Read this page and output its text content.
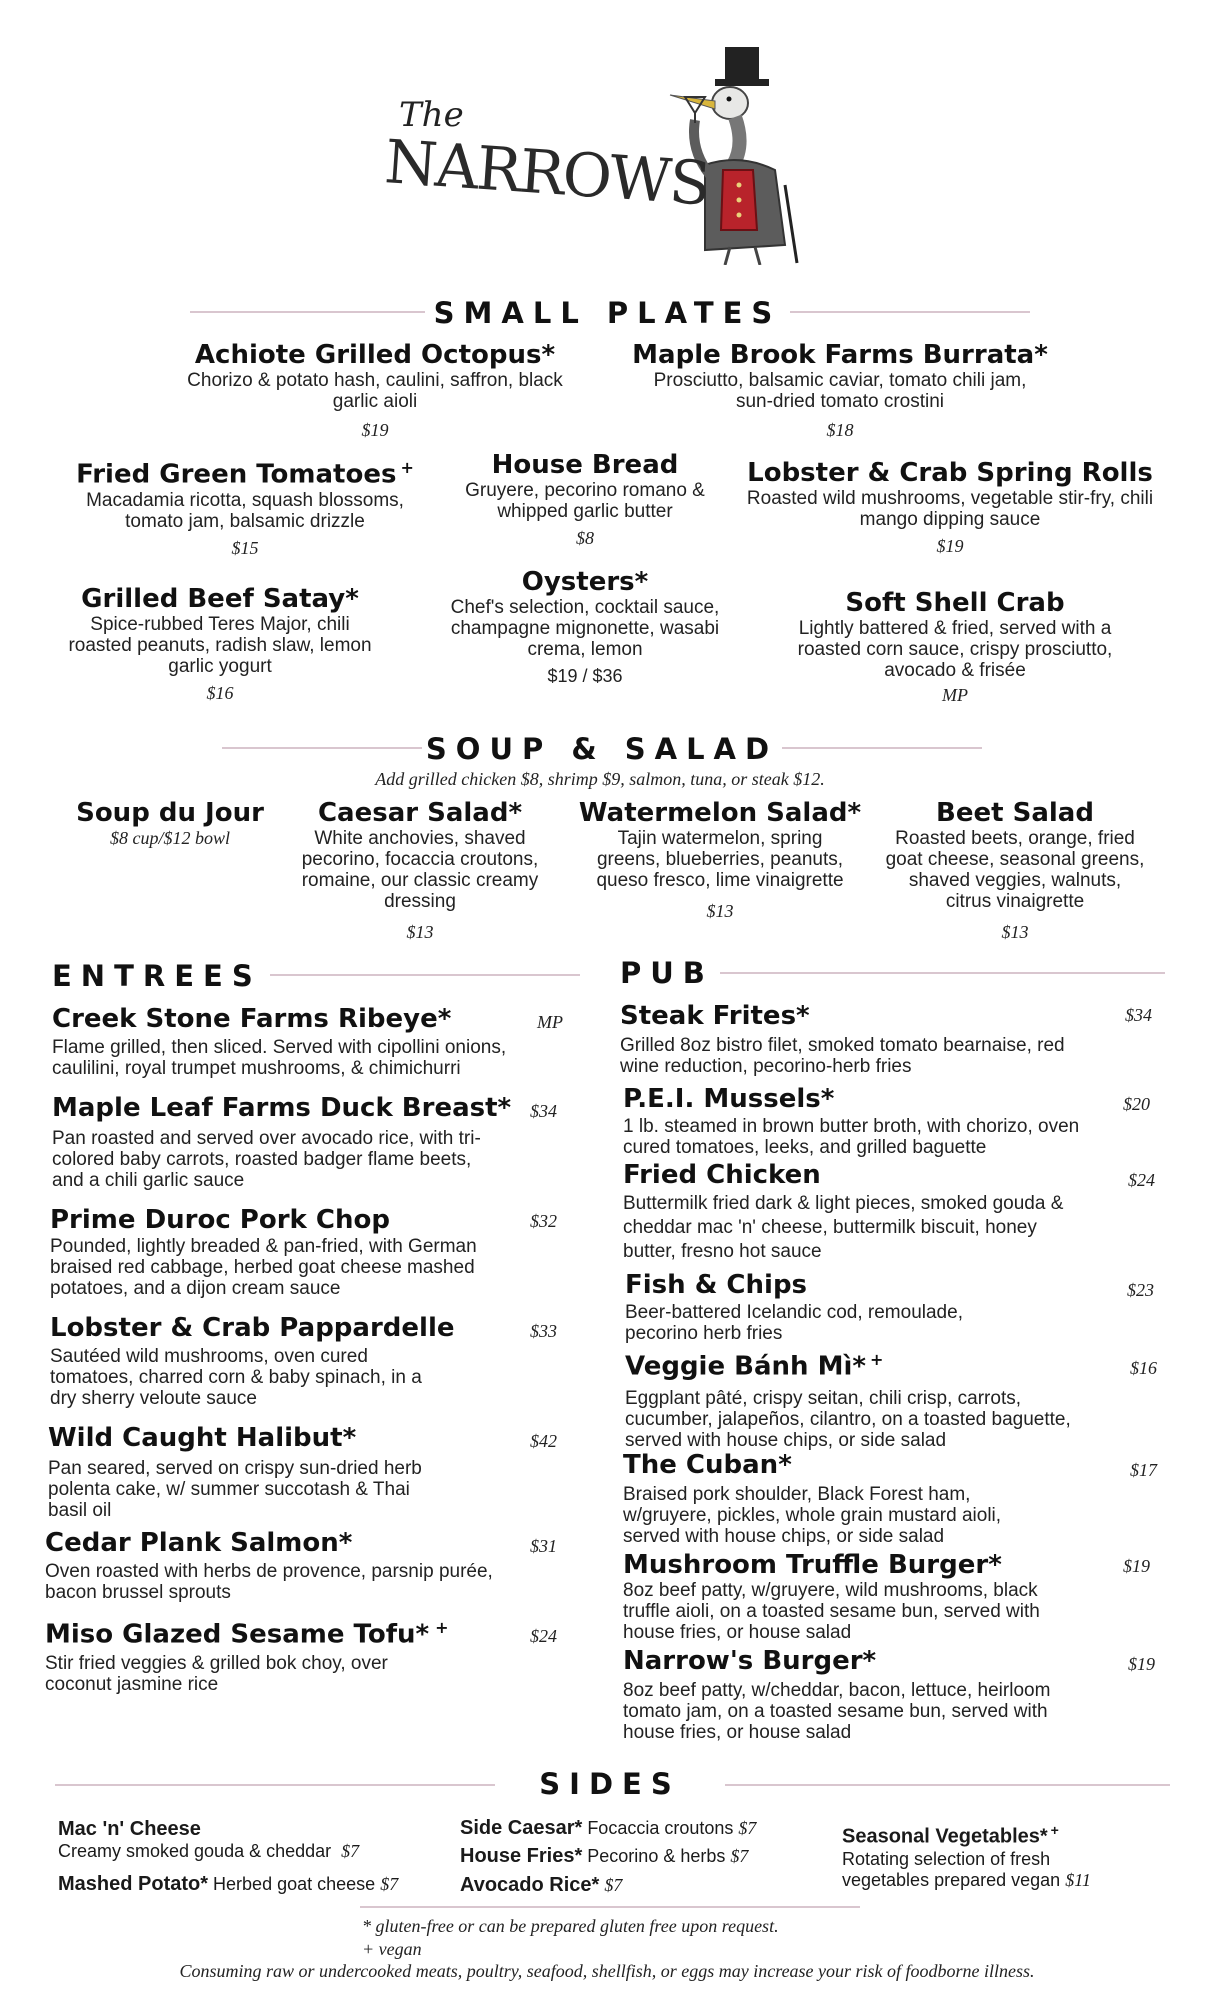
The
NARROWS
SMALL PLATES
Achiote Grilled Octopus*
Chorizo & potato hash, caulini, saffron, black garlic aioli
$19
Maple Brook Farms Burrata*
Prosciutto, balsamic caviar, tomato chili jam, sun-dried tomato crostini
$18
Fried Green Tomatoes +
Macadamia ricotta, squash blossoms, tomato jam, balsamic drizzle
$15
House Bread
Gruyere, pecorino romano & whipped garlic butter
$8
Lobster & Crab Spring Rolls
Roasted wild mushrooms, vegetable stir-fry, chili mango dipping sauce
$19
Grilled Beef Satay*
Spice-rubbed Teres Major, chili roasted peanuts, radish slaw, lemon garlic yogurt
$16
Oysters*
Chef's selection, cocktail sauce, champagne mignonette, wasabi crema, lemon
$19 / $36
Soft Shell Crab
Lightly battered & fried, served with a roasted corn sauce, crispy prosciutto, avocado & frisée
MP
SOUP & SALAD
Add grilled chicken $8, shrimp $9, salmon, tuna, or steak $12.
Soup du Jour
$8 cup/$12 bowl
Caesar Salad*
White anchovies, shaved pecorino, focaccia croutons, romaine, our classic creamy dressing
$13
Watermelon Salad*
Tajin watermelon, spring greens, blueberries, peanuts, queso fresco, lime vinaigrette
$13
Beet Salad
Roasted beets, orange, fried goat cheese, seasonal greens, shaved veggies, walnuts, citrus vinaigrette
$13
ENTREES
Creek Stone Farms Ribeye*	MP
Flame grilled, then sliced. Served with cipollini onions, caulilini, royal trumpet mushrooms, & chimichurri
Maple Leaf Farms Duck Breast*	$34
Pan roasted and served over avocado rice, with tri-colored baby carrots, roasted badger flame beets, and a chili garlic sauce
Prime Duroc Pork Chop	$32
Pounded, lightly breaded & pan-fried, with German braised red cabbage, herbed goat cheese mashed potatoes, and a dijon cream sauce
Lobster & Crab Pappardelle	$33
Sautéed wild mushrooms, oven cured tomatoes, charred corn & baby spinach, in a dry sherry veloute sauce
Wild Caught Halibut*	$42
Pan seared, served on crispy sun-dried herb polenta cake, w/ summer succotash & Thai basil oil
Cedar Plank Salmon*	$31
Oven roasted with herbs de provence, parsnip purée, bacon brussel sprouts
Miso Glazed Sesame Tofu* +	$24
Stir fried veggies & grilled bok choy, over coconut jasmine rice
PUB
Steak Frites*	$34
Grilled 8oz bistro filet, smoked tomato bearnaise, red wine reduction, pecorino-herb fries
P.E.I. Mussels*	$20
1 lb. steamed in brown butter broth, with chorizo, oven cured tomatoes, leeks, and grilled baguette
Fried Chicken	$24
Buttermilk fried dark & light pieces, smoked gouda & cheddar mac 'n' cheese, buttermilk biscuit, honey butter, fresno hot sauce
Fish & Chips	$23
Beer-battered Icelandic cod, remoulade, pecorino herb fries
Veggie Bánh Mì* +	$16
Eggplant pâté, crispy seitan, chili crisp, carrots, cucumber, jalapeños, cilantro, on a toasted baguette, served with house chips, or side salad
The Cuban*	$17
Braised pork shoulder, Black Forest ham, w/gruyere, pickles, whole grain mustard aioli, served with house chips, or side salad
Mushroom Truffle Burger*	$19
8oz beef patty, w/gruyere, wild mushrooms, black truffle aioli, on a toasted sesame bun, served with house fries, or house salad
Narrow's Burger*	$19
8oz beef patty, w/cheddar, bacon, lettuce, heirloom tomato jam, on a toasted sesame bun, served with house fries, or house salad
SIDES
Mac 'n' Cheese
Creamy smoked gouda & cheddar $7
Mashed Potato* Herbed goat cheese $7
Side Caesar* Focaccia croutons $7
House Fries* Pecorino & herbs $7
Avocado Rice* $7
Seasonal Vegetables* +
Rotating selection of fresh vegetables prepared vegan $11
* gluten-free or can be prepared gluten free upon request.
+ vegan
Consuming raw or undercooked meats, poultry, seafood, shellfish, or eggs may increase your risk of foodborne illness.
